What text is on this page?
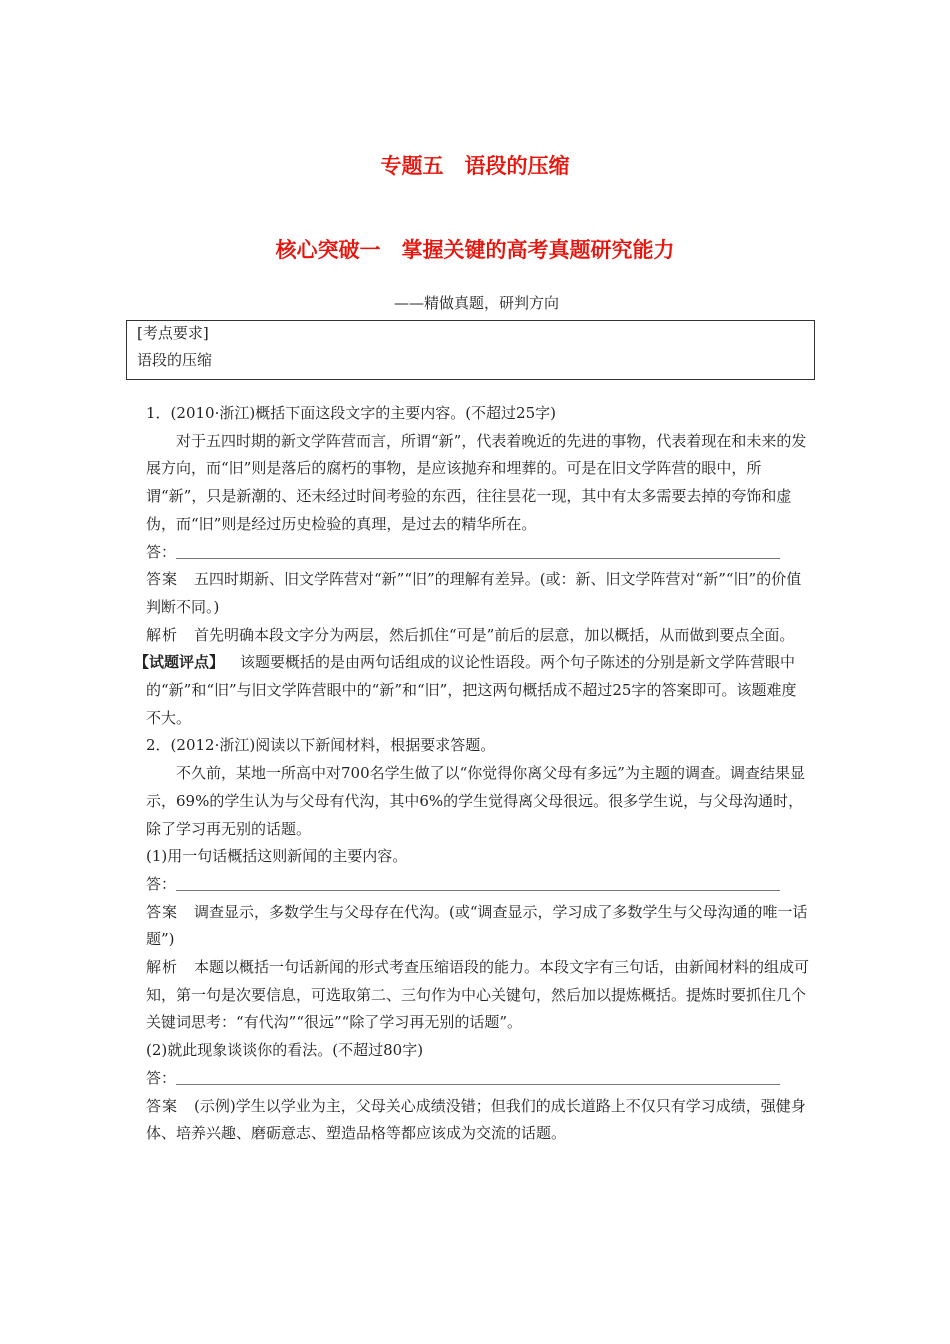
专题五　语段的压缩
核心突破一　掌握关键的高考真题研究能力
——精做真题，研判方向
[考点要求]
语段的压缩

1．(2010·浙江)概括下面这段文字的主要内容。(不超过25字)

对于五四时期的新文学阵营而言，所谓“新”，代表着晚近的先进的事物，代表着现在和未来的发展方向，而“旧”则是落后的腐朽的事物，是应该抛弃和埋葬的。可是在旧文学阵营的眼中，所谓“新”，只是新潮的、还未经过时间考验的东西，往往昙花一现，其中有太多需要去掉的夸饰和虚伪，而“旧”则是经过历史检验的真理，是过去的精华所在。

答：

答案 五四时期新、旧文学阵营对“新”“旧”的理解有差异。(或：新、旧文学阵营对“新”“旧”的价值判断不同。)

解析 首先明确本段文字分为两层，然后抓住“可是”前后的层意，加以概括，从而做到要点全面。

【试题评点】 该题要概括的是由两句话组成的议论性语段。两个句子陈述的分别是新文学阵营眼中的“新”和“旧”与旧文学阵营眼中的“新”和“旧”，把这两句概括成不超过25字的答案即可。该题难度不大。

2．(2012·浙江)阅读以下新闻材料，根据要求答题。

不久前，某地一所高中对700名学生做了以“你觉得你离父母有多远”为主题的调查。调查结果显示，69%的学生认为与父母有代沟，其中6%的学生觉得离父母很远。很多学生说，与父母沟通时，除了学习再无别的话题。

(1)用一句话概括这则新闻的主要内容。

答：

答案 调查显示，多数学生与父母存在代沟。(或“调查显示，学习成了多数学生与父母沟通的唯一话题”)

解析 本题以概括一句话新闻的形式考查压缩语段的能力。本段文字有三句话，由新闻材料的组成可知，第一句是次要信息，可选取第二、三句作为中心关键句，然后加以提炼概括。提炼时要抓住几个关键词思考：“有代沟”“很远”“除了学习再无别的话题”。

(2)就此现象谈谈你的看法。(不超过80字)

答：

答案 (示例)学生以学业为主，父母关心成绩没错；但我们的成长道路上不仅只有学习成绩，强健身体、培养兴趣、磨砺意志、塑造品格等都应该成为交流的话题。
